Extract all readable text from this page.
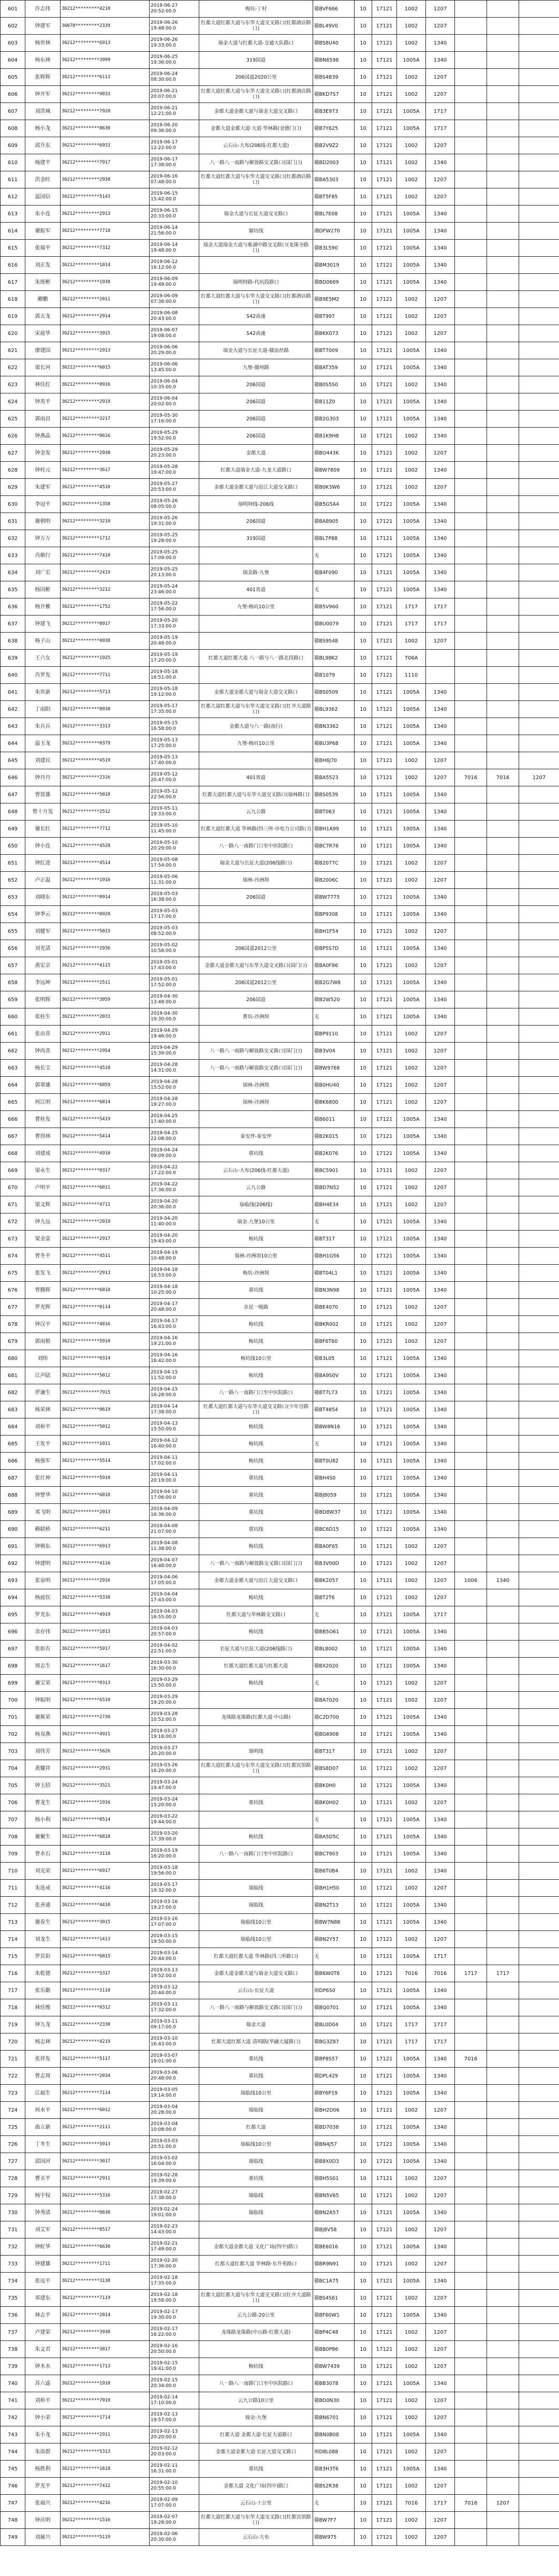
601	许志伟	36212*********4210	2019-06-27 20:52:00.0	梅坑-丁村	赣BVF666	10	17121	1002	1207			
602	钟建军	36078*********2339	2019-06-26 19:48:00.0	红都大道红都大道与东华大道交叉路口(红都酒店路口)	赣BL49V0	10	17121	1002	1207			
603	杨世林	36212*********6913	2019-06-26 19:33:00.0	瑞金大道与红都大道-交通大队路口	赣BS8U40	10	17121	1002	1340			
604	杨东林	36212*********3999	2019-06-25 19:36:00.0	319国道	赣BN6598	10	17121	1005A	1340			
605	张辉辉	36212*********6113	2019-06-24 08:30:00.0	206国道2020公里	赣BS4B39	10	17121	1002	1207			
606	钟开军	36212*********9033	2019-06-21 20:07:00.0	红都大道红都大道与东华大道交叉路口(红都酒店路口)	赣BKD7S7	10	17121	1002	1207			
607	刘洪城	36212*********7928	2019-06-21 12:21:00.0	金都大道金都大道与瑞金大道交叉路口	赣B3E973	10	17121	1005A	1717			
608	杨小龙	36212*********8630	2019-06-20 09:36:00.0	金都大道金都大道·大道·华林路(金德门口)	赣B7Y625	10	17121	1005A	1717			
609	邱升东	36212*********6933	2019-06-17 12:22:00.0	云石山-大布(206线-红都大道)	赣B2V9Z2	10	17121	1002	1207			
610	杨建平	36212*********7917	2019-06-17 17:38:00.0	八一路八一南路与解放路交叉路口(国门口)	赣BD2003	10	17121	1002	1340			
611	洪金旺	36212*********2938	2019-06-16 07:48:00.0	红都大道红都大道与东华大道交叉路口(红都酒店路口)	赣BA5303	10	17121	1002	1207			
612	温国信	36212*********5143	2019-06-15 15:42:00.0		赣BT5F85	10	17121	1002	1207			
613	朱小连	36212*********2913	2019-06-15 20:33:00.0	瑞金大道与长征大道交叉路口	赣BL7E08	10	17121	1005A	1340			
614	谢振军	36212*********7718	2019-06-14 21:56:00.0	谢坊线	湘DFW270	10	17121	1005A	1340			
615	张瑞平	36212*********7312	2019-06-14 19:48:00.0	瑞金大道瑞金大道与象湖中路交叉路口(龙珠寺路口)	赣B3L590	10	17121	1005A	1340			
616	刘正发	36212*********1014	2019-06-12 16:12:00.0		赣BM3019	10	17121	1005A	1340			
617	朱统彬	36212*********1938	2019-06-09 19:49:00.0	瑞明特路-代坑段路口	赣BD0689	10	17121	1005A	1340			
618	卿鹏	36212*********2011	2019-06-09 07:36:00.0	红都大道红都大道与东华大道交叉路口(红都酒店路口)	赣B9E5M2	10	17121	1002	1207			
619	郭五龙	36212*********2914	2019-06-08 20:43:00.0	S42高速	赣BT997	10	17121	1002	1207			
620	宋庭华	36212*********3915	2019-06-07 19:08:00.0	S42高速	赣BKK073	10	17121	1002	1207			
621	廖建国	36212*********2913	2019-06-06 20:29:00.0	瑞金大道与长征大道-赣汕丝路	赣BT7009	10	17121	1005A	1340			
622	梁长河	36212*********6015	2019-06-06 13:45:00.0	九堡-赣州路	赣BAT359	10	17121	1005A	1340			
623	林佳红	36212*********0916	2019-06-04 10:35:00.0	206国道	赣B0S5S0	10	17121	1002	1340			
624	钟英平	36212*********2919	2019-06-04 20:02:00.0	206国道	赣B11Z0	10	17121	1005A	1340			
625	郭雨昌	36212*********3217	2019-05-30 17:16:00.0	206国道	赣B2G303	10	17121	1005A	1340			
626	钟燕晶	36212*********0616	2019-05-29 19:52:00.0	206国道	赣B1K9H8	10	17121	1002	1340			
627	钟金发	36212*********2930	2019-05-29 20:23:00.0	金都大道	赣BO443K	10	17121	1002	1207			
628	钟柱元	36212*********3617	2019-05-28 19:47:00.0	红都大道瑞金大道-九龙大道路口	赣BW7809	10	17121	1002	1340			
629	朱建军	36212*********4510	2019-05-27 20:53:00.0	金都大道金都大道与沿江大道交叉路口	赣B0K3W6	10	17121	1002	1207			
630	李冠平	36212*********1358	2019-05-26 08:05:00.0	瑞明特线-206线	赣B5G5A4	10	17121	1005A	1340			
631	谢朝明	36212*********3210	2019-05-26 19:31:00.0	206国道	赣BA8905	10	17121	1005A	1340			
632	钟万万	36212*********1712	2019-05-25 19:28:00.0	319国道	赣BL7P88	10	17121	1005A	1340			
633	肖顺行	36212*********7410	2019-05-25 17:09:00.0		无	10	17121	1005A	1340			
634	刘广宏	36212*********2419	2019-05-25 20:13:00.0	瑞金路-九堡	赣B4F090	10	17121	1005A	1340			
635	杨国彬	36212*********3212	2019-05-24 23:46:00.0	401省道	无	10	17121	1005A	1340			
636	杨开雅	36212*********1752	2019-05-22 17:56:00.0	九堡-梅坑10公里	赣B5V960	10	17121	1717	1717			
637	钟建飞	36212*********0917	2019-05-20 17:33:00.0		赣BU0079	10	17121	1717	1717			
638	杨子山	36212*********0938	2019-05-19 20:48:00.0		赣BS9S48	10	17121	1002	1207			
639	王六女	36212*********1925	2019-05-19 17:20:00.0	红都大道红都大道 八一路与八一路北段路口	赣BL98K2	10	17121	706A				
640	肖罗发	36212*********7711	2019-05-18 16:51:00.0		赣B1079	10	17121	1110				
641	朱世新	36212*********5713	2019-05-18 19:12:00.0	金都大道金都大道与瑞金大道交叉路口	赣BS0509	10	17121	1005A	1340			
642	丁雨阳	36212*********0938	2019-05-17 17:35:00.0	红都大道红都大道与东华大道交叉路口(红井大道路口)	赣BL9362	10	17121	1005A	1340			
643	朱兵兵	36212*********3313	2019-05-15 16:58:00.0	金都大道与八一路(南行)	赣BN3362	10	17121	1005A	1340			
644	温玉龙	36212*********0379	2019-05-13 17:25:00.0	九堡-梅坑10公里	赣BU3P68	10	17121	1005A	1340			
645	刘建民	36212*********4519	2019-05-13 17:40:00.0		赣BH6J70	10	17121	1002	1207			
646	钟丹丹	36212*********2316	2019-05-12 20:47:00.0	401省道	赣BA5523	10	17121	1002	1207	7016	7016	1207
647	曾贤雄	36212*********5018	2019-05-12 22:56:00.0	红都大道红都大道与东华大道交叉路口(瑞林路口)	赣BS0539	10	17121	1005A	1340			
648	曾十月发	36212*********2512	2019-05-11 19:33:00.0	云九公路	赣BT063	10	17121	1005A	1340			
649	谢长红	36212*********7712	2019-05-10 11:45:00.0	红都大道红都大道 华林路(四三所·市电力公司路口)	赣BH1A99	10	17121	1005A	1340			
650	钟小连	36212*********4528	2019-05-10 20:29:00.0	八一路八一南路门口至中医院路口	赣BC7R76	10	17121	1005A	1340			
651	钟红进	36212*********4514	2019-05-08 17:54:00.0	瑞金大道与长征大道(206线路口)	赣B2077C	10	17121	1002	1207			
652	卢正温	36212*********1916	2019-05-06 11:31:00.0	瑞林-沙洲坝	赣B2006C	10	17121	1002	1207			
653	刘晓东	36212*********0914	2019-05-03 16:38:00.0	206国道	赣BW7775	10	17121	1005A	1340			
654	钟季云	36212*********0928	2019-05-03 17:17:00.0		赣BP9308	10	17121	1005A	1340			
655	刘健军	36212*********5015	2019-05-03 08:52:00.0		赣BH1F54	10	17121	1002	1207			
656	刘光清	36212*********2936	2019-05-02 10:58:00.0	206国道2012公里	赣BP5S7D	10	17121	1005A	1340			
657	黄宏京	36212*********4115	2019-05-01 17:43:00.0	金都大道金都大道与东华大道交叉路口(国门口)	赣BA0F86	10	17121	1002	1207			
658	李远坤	36212*********2511	2019-05-01 17:52:00.0	206国道2012公里	赣B2G7W8	10	17121	1005A	1340			
659	张明辉	36212*********3059	2019-04-30 13:48:00.0	206国道	赣B2W520	10	17121	1005A	1340			
660	张桂生	36212*********2033	2019-04-30 19:30:00.0	曹坑-沙洲坝	无	10	17121	1005A	1340			
661	张由喜	36212*********2911	2019-04-29 19:46:00.0		赣BP9110	10	17121	1002	1207			
662	钟尚喜	36212*********2954	2019-04-29 15:39:00.0	八一路八一南路与解放路交叉路口(国门口)	赣B3V04	10	17121	1002	1207			
663	杨长宝	36212*********4518	2019-04-28 14:31:00.0	八一路八一南路与解放路交叉路口(国门口)	赣BW9768	10	17121	1002	1207			
664	郭翠雄	36212*********6859	2019-04-28 15:52:00.0	瑞林-沙洲坝	赣B0HU40	10	17121	1002	1207			
665	何江明	36212*********6814	2019-04-28 19:27:00.0	瑞林-沙洲坝	赣BK6800	10	17121	1002	1207			
666	曹桂发	36212*********5419	2019-04-25 17:40:00.0		赣B6011	10	17121	1005A	1340			
667	曹得林	36212*********5414	2019-04-25 22:08:00.0	泰安坪-泰安坪	赣B2K015	10	17121	1005A	1340			
668	刘建成	36212*********4910	2019-04-24 09:09:00.0	重坑线	赣B2K076	10	17121	1005A	1340			
669	梁永生	36212*********0317	2019-04-22 17:22:00.0	云石山-大布(206线-红都大道)	赣BC5901	10	17121	1002	1207			
670	卢明平	36212*********6011	2019-04-22 17:36:00.0	云九公路	赣BD7N52	10	17121	1002	1207			
671	梁文辉	36212*********4711	2019-04-20 20:36:00.0	瑞临线(206线)	赣BH4E34	10	17121	1002	1207			
672	钟九远	36212*********2019	2019-04-20 11:40:00.0	瑞金-九堡10公里	无	10	17121	1005A	1340			
673	梁金富	36212*********2917	2019-04-20 19:43:00.0	梅坑线	赣BT317	10	17121	1005A	1340			
674	曾冬平	36212*********4511	2019-04-19 10:48:00.0	瑞林-沙洲坝10公里	赣BH1G56	10	17121	1005A	1340			
675	张发飞	36212*********2913	2019-04-18 16:53:00.0	梅坑-沙洲坝	赣BT04L1	10	17121	1005A	1340			
676	曾腾辉	36212*********6818	2019-04-18 10:25:00.0	重坑线	赣BN3N98	10	17121	1005A	1340			
677	罗光辉	36212*********0114	2019-04-17 20:48:00.0	京昆一级路	赣BE4070	10	17121	1002	1207			
678	钟汉平	36212*********4816	2019-04-17 16:43:00.0	梅坑线	赣BKR002	10	17121	1002	1207			
679	郭雨根	36212*********5910	2019-04-16 19:21:00.0	梅坑线	赣BF6T60	10	17121	1002	1207			
680	刘炜	36212*********0314	2019-04-16 16:42:00.0	梅坑线10公里	赣B3L05	10	17121	1005A	1340			
681	江声陆	36212*********5012	2019-04-15 11:52:00.0	梅坑线	赣BA9S0V	10	17121	1005A	1340			
682	罗谦生	36212*********7915	2019-04-15 16:28:00.0	八一路八一南路门口至中医院路口	赣BT7L73	10	17121	1005A	1340			
683	杨荣林	36212*********0619	2019-04-14 17:38:00.0	红都大道红都大道与东华大道交叉路口(少年宫路口)	赣BT4854	10	17121	1005A	1340			
684	刘和平	36212*********5012	2019-04-13 15:50:00.0	梅坑线	赣BW8N16	10	17121	1005A	1340			
685	王发平	36212*********1011	2019-04-12 16:40:00.0	梅坑线	无	10	17121	1005A	1340			
686	杨强军	36212*********5514	2019-04-11 17:02:00.0	梅坑线	赣BT0U82	10	17121	1005A	1340			
687	张仕坤	36212*********5910	2019-04-11 20:19:00.0	重坑线	赣BH4S0	10	17121	1005A	1340			
688	钟譬华	36212*********6018	2019-04-10 17:06:00.0	重坑线	赣BJ8059	10	17121	1005A	1340			
689	邓飞明	36212*********2013	2019-04-09 16:36:00.0	重坑线	赣BD8W37	10	17121	1005A	1340			
690	赖联桥	36212*********6211	2019-04-08 21:07:00.0	重坑线	赣BC6D15	10	17121	1005A	1340			
691	钟朝东	36212*********6913	2019-04-08 11:38:00.0	梅坑线	赣BA0F65	10	17121	1002	1207			
692	钟建明	36212*********4116	2019-04-07 16:48:00.0	八一路八一南路与解放路交叉路口(国门口)	赣B3V00D	10	17121	1002	1207			
693	张泉明	36212*********2916	2019-04-06 17:05:00.0	金都大道金都大道与沿江大道交叉路口	赣BK2057	10	17121	1002	1207	1006	1340	
694	杨庭钦	36212*********5338	2019-04-04 17:43:00.0	梅坑线	赣BT2T6	10	17121	1002	1207			
695	罗光东	36212*********4919	2019-04-03 16:55:00.0	红都大道与华林路交叉路口	无	10	17121	1005A	1717			
696	余存伟	36212*********1813	2019-04-03 20:57:00.0	梅坑线	赣BB5O61	10	17121	1005A	1340			
697	张如有	36212*********5917	2019-04-02 22:51:00.0	长征大道与长征大道(206线路口)	赣BL8002	10	17121	1005A	1340			
698	周志生	36212*********1617	2019-03-30 16:30:00.0	红都大道红都大道与红都大道	赣BX2020	10	17121	1005A	1340			
699	谢宝荣	36212*********0313	2019-03-29 15:50:00.0	梅坑线	无	10	17121	1002	1207			
700	钟振明	36212*********6510	2019-03-29 19:20:00.0		赣BA7020	10	17121	1002	1207			
701	谢斯荣	36212*********2730	2019-03-28 10:52:00.0	龙珠路龙珠路(红都大道·中山路)	赣C2D700	10	17121	1005A	1340			
702	杨双燕	36212*********4921	2019-03-27 19:16:00.0		赣BG6908	10	17121	1005A	1340			
703	刘伟芳	36212*********5626	2019-03-27 20:20:00.0	瑞明线	赣BT317	10	17121	1002	1207			
704	黄耀祥	36212*********2931	2019-03-26 16:20:00.0	红都大道红都大道与东华大道交叉路口(红都宾馆路口)	赣BS8D07	10	17121	1002	1207			
705	钟玉招	36212*********3521	2019-03-24 19:47:00.0		赣BK0H0	10	17121	1005A	1340			
706	曹龙生	36212*********1916	2019-03-24 15:20:00.0	重坑线	赣BK0H02	10	17121	1002	1207			
707	杨小利	36212*********0514	2019-03-22 19:44:00.0		无	10	17121	1005A	1340			
708	谢聚生	36212*********6818	2019-03-20 17:39:00.0	梅坑线	赣BA5D5C	10	17121	1005A	1340			
709	曾水石	36212*********3118	2019-03-19 16:20:00.0	八一路八一南路门口至中医院路口	赣BC7903	10	17121	1005A	1340			
710	刘克荣	36212*********6917	2019-03-18 19:56:00.0		赣B6T0B4	10	17121	1002	1340			
711	朱连成	36212*********4116	2019-03-17 19:32:00.0	瑞临线	赣BH1H50	10	17121	1002	1207			
712	张善通	36212*********4410	2019-03-16 19:27:00.0	瑞临线	赣BN2T13	10	17121	1005A	1340			
713	谢春生	36212*********3015	2019-03-16 17:07:00.0	瑞临线10公里	赣BW7N88	10	17121	1005A	1340			
714	刘龙生	36212*********1413	2019-03-15 19:50:00.0	瑞临线10公里	赣BN2Y57	10	17121	1002	1207			
715	罗宾彩	36212*********6815	2019-03-14 20:44:00.0	红都大道红都大道 华林路(四三所路口)	无	10	17121	1005A	1717			
716	朱乾德	36212*********5317	2019-03-13 19:52:00.0	金都大道金都大道与瑞金大道交叉路口	赣B6W0T6	10	17121	7016	7016	1717	1717	
717	张乐勤	36212*********3118	2019-03-12 20:44:00.0	云石山-长征大道	闽DP6S0	10	17121	1005A	1340			
718	林佳维	36212*********0312	2019-03-11 17:32:00.0	八一路八一南路与解放路交叉路口(国门口)	赣BQ0701	10	17121	1005A	1340			
719	钟九龙	36212*********2330	2019-03-11 09:17:00.0	瑞金大道	赣BL0D04	10	17121	1717	1717			
720	杨志林	36212*********4219	2019-03-10 16:43:00.0	红都大道红都大道 清明路(华融大厦路口)	赣BG3Z87	10	17121	1717	1717			
721	张祥发	36212*********5117	2019-03-07 19:01:00.0	重坑线	赣BP8S57	10	17121	1005A	1340	7016		
722	曾志周	36212*********2034	2019-03-06 20:48:00.0	重坑线	赣DPL429	10	17121	1005A	1340			
723	江福生	36212*********7114	2019-03-05 19:14:00.0	瑞临线10公里	赣BY6P19	10	17121	1005A	1340			
724	何水平	36212*********6012	2019-03-04 20:28:00.0	瑞临线	赣BH2D06	10	17121	1002	1207			
725	曲立新	36212*********2111	2019-03-04 10:08:00.0	红都大道	赣BD7038	10	17121	1005A	1340			
726	丁冬生	36212*********5913	2019-03-03 20:51:00.0	瑞临线10公里	赣BN4J57	10	17121	1005A	1340			
727	邱国河	36212*********3017	2019-03-02 16:04:00.0	瑞临线	赣B8X0D3	10	17121	1005A	1340			
728	曹买平	36212*********2911	2019-02-28 19:39:00.0	重坑线	赣BH5S01	10	17121	1002	1207			
729	杨宇权	36212*********5316	2019-02-27 17:38:00.0	瑞临线	赣BN5V65	10	17121	1002	1207			
730	钟秀清	36212*********0638	2019-02-24 19:01:00.0	瑞临线	赣BN2A57	10	17121	1005A	1340			
731	刘艾军	36212*********0517	2019-02-23 14:43:00.0		赣BJ8V58	10	17121	1002	1207			
732	钟虹华	36212*********6630	2019-02-21 17:49:00.0	金都大道金都大道 文化广场(四中)路口	赣BE6016	10	17121	1005A	1340			
733	钟建雄	36212*********1711	2019-02-20 17:36:00.0	红都大道红都大道 华林路·东升苑路口	赣BR9N91	10	17121	1002	1207			
734	张远平	36212*********3138	2019-02-18 17:35:00.0		赣BC1A75	10	17121	1005A	1340			
735	邓建东	36212*********7119	2019-02-18 19:58:00.0	红都大道红都大道与东华大道交叉路口(红井大道路口)	赣BS4S61	10	17121	1002	1207			
736	林志平	36212*********2014	2019-02-17 19:30:00.0	云九公路-20公里	赣BF60W1	10	17121	1005A	1340			
737	卢建荣	36212*********3930	2019-02-17 16:22:00.0	龙珠路龙珠路(中山路·红都大道)	赣BP4C48	10	17121	1002	1207			
738	朱文君	36212*********3817	2019-02-16 20:50:00.0		赣BB0P86	10	17121	1002	1207			
739	钟木水	36212*********1713	2019-02-15 19:41:00.0	梅坑线	赣BW7439	10	17121	1002	1207			
740	苏六遥	36212*********1910	2019-02-15 20:34:00.0	八一路八一南路门口至中医院路口	赣BB3078	10	17121	1005A	1340			
741	刘和平	36212*********7919	2019-02-14 17:10:00.0	云九公路10公里	赣BD0N30	10	17121	1002	1207			
742	钟小荣	36212*********1714	2019-02-13 19:57:00.0	瑞金-九堡	赣BN6701	10	17121	1002	1207			
743	朱小龙	36212*********2911	2019-02-13 20:20:00.0	红都大道 金都大道·长征大道路口	赣BN0B08	10	17121	1005A	1340			
744	朱添群	36212*********5313	2019-02-12 20:03:00.0	金都大道金都大道·长征大道交叉路口	闽D8L088	10	17121	1002	1207			
745	杨胜利	36212*********1618	2019-02-11 16:31:00.0	重坑线	赣B3H3T6	10	17121	1005A	1340			
746	罗光平	36212*********7412	2019-02-10 20:55:00.0	金都大道 文化广场(四中)路口	赣BS2R38	10	17121	1002	1207			
747	张福兴	36212*********4216	2019-02-09 17:07:00.0	云石山-十公里	无	10	17121	7016	1717	7016	1207	
748	钟庆明	36212*********1516	2019-02-07 19:28:00.0	红都大道红都大道与东华大道交叉路口(红都宾馆路口)	赣BW7F7	10	17121	1002	1207			
749	刘属兴	36212*********5119	2019-02-06 20:30:00.0	云石山-大布	赣BW975	10	17121	1002	1207			
